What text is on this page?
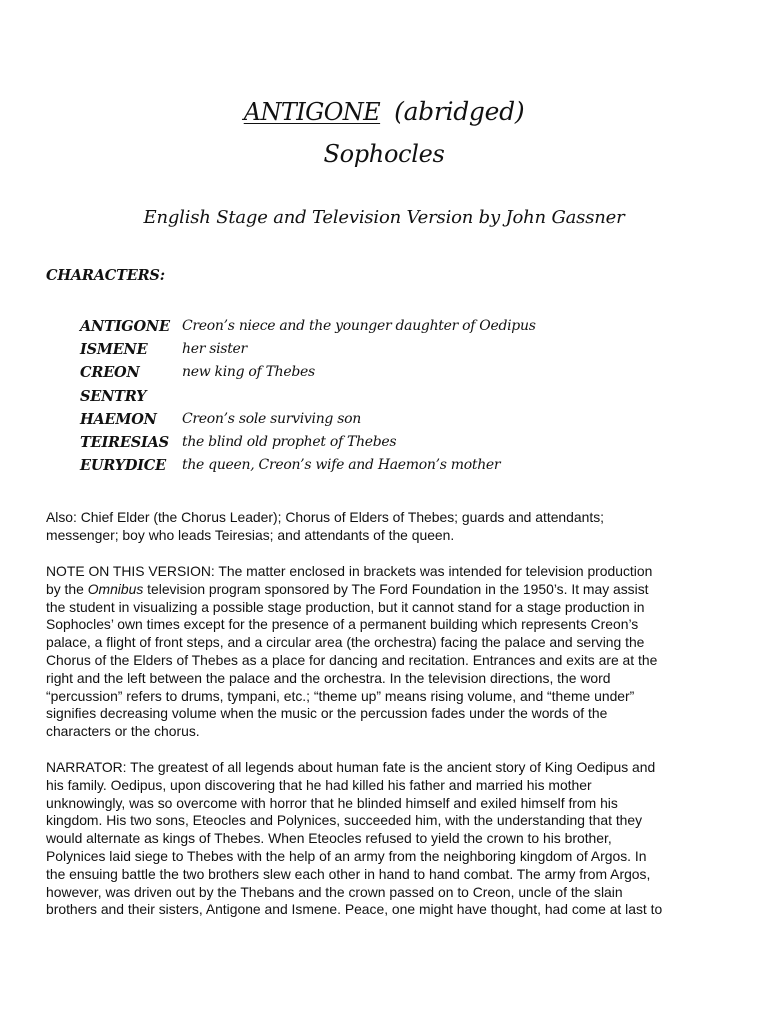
ANTIGONE (abridged)
Sophocles
English Stage and Television Version by John Gassner
CHARACTERS:
ANTIGONE Creon’s niece and the younger daughter of Oedipus
ISMENE her sister
CREON	new king of Thebes
SENTRY
HAEMON Creon’s sole surviving son
TEIRESIAS the blind old prophet of Thebes
EURYDICE the queen, Creon’s wife and Haemon’s mother
Also: Chief Elder (the Chorus Leader); Chorus of Elders of Thebes; guards and attendants;
messenger; boy who leads Teiresias; and attendants of the queen.
NOTE ON THIS VERSION: The matter enclosed in brackets was intended for television production
by the Omnibus television program sponsored by The Ford Foundation in the 1950’s. It may assist
the student in visualizing a possible stage production, but it cannot stand for a stage production in
Sophocles’ own times except for the presence of a permanent building which represents Creon’s
palace, a flight of front steps, and a circular area (the orchestra) facing the palace and serving the
Chorus of the Elders of Thebes as a place for dancing and recitation. Entrances and exits are at the
right and the left between the palace and the orchestra. In the television directions, the word
“percussion” refers to drums, tympani, etc.; “theme up” means rising volume, and “theme under”
signifies decreasing volume when the music or the percussion fades under the words of the
characters or the chorus.
NARRATOR: The greatest of all legends about human fate is the ancient story of King Oedipus and
his family. Oedipus, upon discovering that he had killed his father and married his mother
unknowingly, was so overcome with horror that he blinded himself and exiled himself from his
kingdom. His two sons, Eteocles and Polynices, succeeded him, with the understanding that they
would alternate as kings of Thebes. When Eteocles refused to yield the crown to his brother,
Polynices laid siege to Thebes with the help of an army from the neighboring kingdom of Argos. In
the ensuing battle the two brothers slew each other in hand to hand combat. The army from Argos,
however, was driven out by the Thebans and the crown passed on to Creon, uncle of the slain
brothers and their sisters, Antigone and Ismene. Peace, one might have thought, had come at last to
